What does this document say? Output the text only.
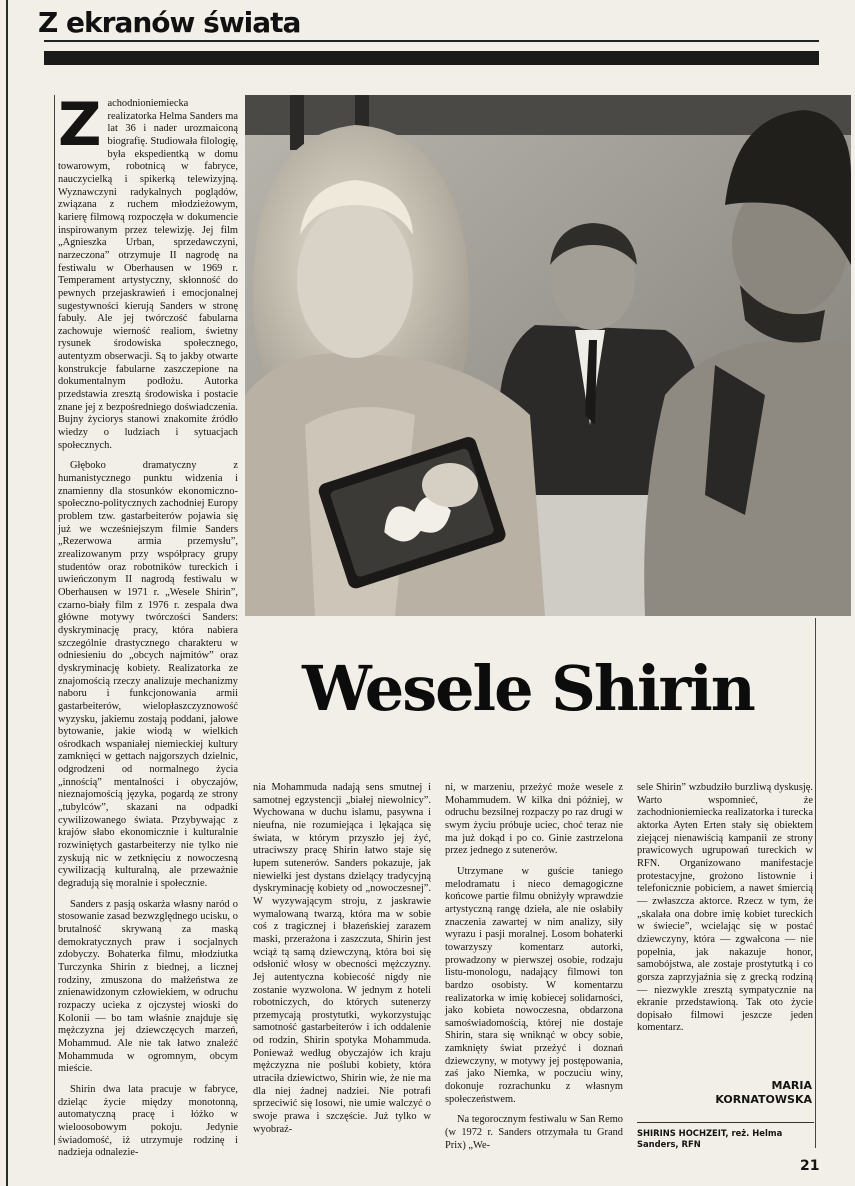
Z ekranów świata

Zachodnioniemiecka realizatorka Helma Sanders ma lat 36 i nader urozmaiconą biografię. Studiowała filologię, była ekspedientką w domu towarowym, robotnicą w fabryce, nauczycielką i spikerką telewizyjną. Wyznawczyni radykalnych poglądów, związana z ruchem młodzieżowym, karierę filmową rozpoczęła w dokumencie inspirowanym przez telewizję. Jej film „Agnieszka Urban, sprzedawczyni, narzeczona” otrzymuje II nagrodę na festiwalu w Oberhausen w 1969 r. Temperament artystyczny, skłonność do pewnych przejaskrawień i emocjonalnej sugestywności kierują Sanders w stronę fabuły. Ale jej twórczość fabularna zachowuje wierność realiom, świetny rysunek środowiska społecznego, autentyzm obserwacji. Są to jakby otwarte konstrukcje fabularne zaszczepione na dokumentalnym podłożu. Autorka przedstawia zresztą środowiska i postacie znane jej z bezpośredniego doświadczenia. Bujny życiorys stanowi znakomite źródło wiedzy o ludziach i sytuacjach społecznych.

Głęboko dramatyczny z humanistycznego punktu widzenia i znamienny dla stosunków ekonomiczno-społeczno-politycznych zachodniej Europy problem tzw. gastarbeiterów pojawia się już we wcześniejszym filmie Sanders „Rezerwowa armia przemysłu”, zrealizowanym przy współpracy grupy studentów oraz robotników tureckich i uwieńczonym II nagrodą festiwalu w Oberhausen w 1971 r. „Wesele Shirin”, czarno-biały film z 1976 r. zespala dwa główne motywy twórczości Sanders: dyskryminację pracy, która nabiera szczególnie drastycznego charakteru w odniesieniu do „obcych najmitów” oraz dyskryminację kobiety. Realizatorka ze znajomością rzeczy analizuje mechanizmy naboru i funkcjonowania armii gastarbeiterów, wielopłaszczyznowość wyzysku, jakiemu zostają poddani, jałowe bytowanie, jakie wiodą w wielkich ośrodkach wspaniałej niemieckiej kultury zamknięci w gettach najgorszych dzielnic, odgrodzeni od normalnego życia „innością” mentalności i obyczajów, nieznajomością języka, pogardą ze strony „tubylców”, skazani na odpadki cywilizowanego świata. Przybywając z krajów słabo ekonomicznie i kulturalnie rozwiniętych gastarbeiterzy nie tylko nie zyskują nic w zetknięciu z nowoczesną cywilizacją kulturalną, ale przeważnie degradują się moralnie i społecznie.

Sanders z pasją oskarża własny naród o stosowanie zasad bezwzględnego ucisku, o brutalność skrywaną za maską demokratycznych praw i socjalnych zdobyczy. Bohaterka filmu, młodziutka Turczynka Shirin z biednej, a licznej rodziny, zmuszona do małżeństwa ze znienawidzonym człowiekiem, w odruchu rozpaczy ucieka z ojczystej wioski do Kolonii — bo tam właśnie znajduje się mężczyzna jej dziewczęcych marzeń, Mohammud. Ale nie tak łatwo znaleźć Mohammuda w ogromnym, obcym mieście.

Shirin dwa lata pracuje w fabryce, dzieląc życie między monotonną, automatyczną pracę i łóżko w wieloosobowym pokoju. Jedynie świadomość, iż utrzymuje rodzinę i nadzieja odnalezie-

Wesele Shirin

nia Mohammuda nadają sens smutnej i samotnej egzystencji „białej niewolnicy”. Wychowana w duchu islamu, pasywna i nieufna, nie rozumiejąca i lękająca się świata, w którym przyszło jej żyć, utraciwszy pracę Shirin łatwo staje się łupem sutenerów. Sanders pokazuje, jak niewielki jest dystans dzielący tradycyjną dyskryminację kobiety od „nowoczesnej”. W wyzywającym stroju, z jaskrawie wymalowaną twarzą, która ma w sobie coś z tragicznej i błazeńskiej zarazem maski, przerażona i zaszczuta, Shirin jest wciąż tą samą dziewczyną, która boi się odsłonić włosy w obecności mężczyzny. Jej autentyczna kobiecość nigdy nie zostanie wyzwolona. W jednym z hoteli robotniczych, do których sutenerzy przemycają prostytutki, wykorzystując samotność gastarbeiterów i ich oddalenie od rodzin, Shirin spotyka Mohammuda. Ponieważ według obyczajów ich kraju mężczyzna nie poślubi kobiety, która utraciła dziewictwo, Shirin wie, że nie ma dla niej żadnej nadziei. Nie potrafi sprzeciwić się losowi, nie umie walczyć o swoje prawa i szczęście. Już tylko w wyobraź-

ni, w marzeniu, przeżyć może wesele z Mohammudem. W kilka dni później, w odruchu bezsilnej rozpaczy po raz drugi w swym życiu próbuje uciec, choć teraz nie ma już dokąd i po co. Ginie zastrzelona przez jednego z sutenerów.

Utrzymane w guście taniego melodramatu i nieco demagogiczne końcowe partie filmu obniżyły wprawdzie artystyczną rangę dzieła, ale nie osłabiły znaczenia zawartej w nim analizy, siły wyrazu i pasji moralnej. Losom bohaterki towarzyszy komentarz autorki, prowadzony w pierwszej osobie, rodzaju listu-monologu, nadający filmowi ton bardzo osobisty. W komentarzu realizatorka w imię kobiecej solidarności, jako kobieta nowoczesna, obdarzona samoświadomością, której nie dostaje Shirin, stara się wniknąć w obcy sobie, zamknięty świat przeżyć i doznań dziewczyny, w motywy jej postępowania, zaś jako Niemka, w poczuciu winy, dokonuje rozrachunku z własnym społeczeństwem.

Na tegorocznym festiwalu w San Remo (w 1972 r. Sanders otrzymała tu Grand Prix) „We-

sele Shirin” wzbudziło burzliwą dyskusję. Warto wspomnieć, że zachodnioniemiecka realizatorka i turecka aktorka Ayten Erten stały się obiektem ziejącej nienawiścią kampanii ze strony prawicowych ugrupowań tureckich w RFN. Organizowano manifestacje protestacyjne, grożono listownie i telefonicznie pobiciem, a nawet śmiercią — zwłaszcza aktorce. Rzecz w tym, że „skalała ona dobre imię kobiet tureckich w świecie”, wcielając się w postać dziewczyny, która — zgwałcona — nie popełnia, jak nakazuje honor, samobójstwa, ale zostaje prostytutką i co gorsza zaprzyjaźnia się z grecką rodziną — niezwykle zresztą sympatycznie na ekranie przedstawioną. Tak oto życie dopisało filmowi jeszcze jeden komentarz.

MARIA
KORNATOWSKA
SHIRINS HOCHZEIT, reż. Helma Sanders, RFN
21
